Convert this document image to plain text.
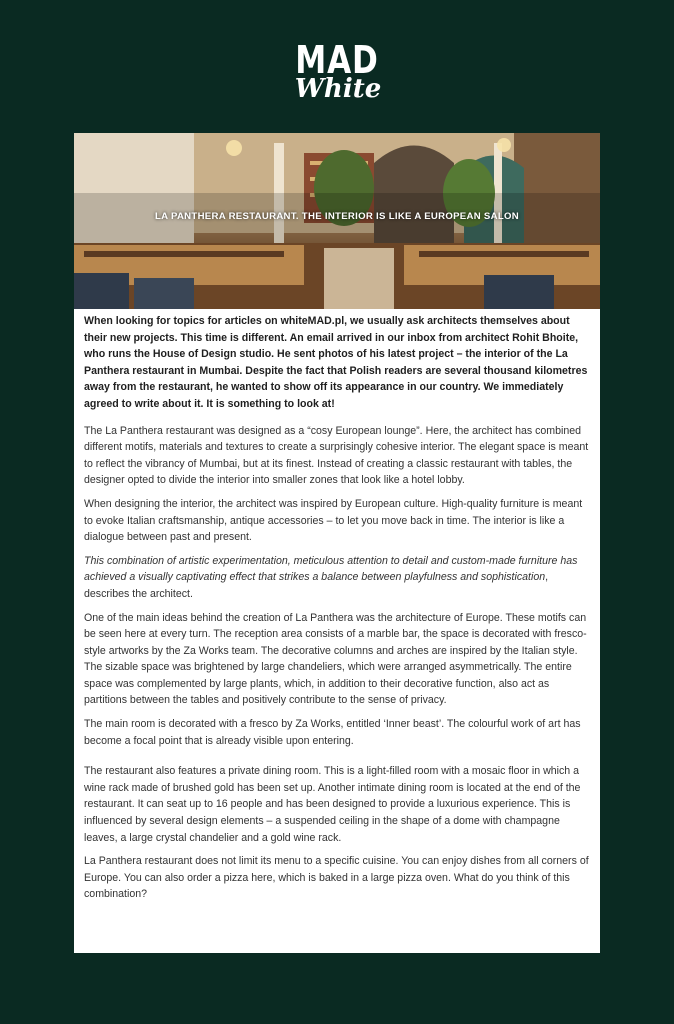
MAD
White
LA PANTHERA RESTAURANT. THE INTERIOR IS LIKE A EUROPEAN SALON

When looking for topics for articles on whiteMAD.pl, we usually ask architects themselves about their new projects. This time is different. An email arrived in our inbox from architect Rohit Bhoite, who runs the House of Design studio. He sent photos of his latest project – the interior of the La Panthera restaurant in Mumbai. Despite the fact that Polish readers are several thousand kilometres away from the restaurant, he wanted to show off its appearance in our country. We immediately agreed to write about it. It is something to look at!

The La Panthera restaurant was designed as a “cosy European lounge”. Here, the architect has combined different motifs, materials and textures to create a surprisingly cohesive interior. The elegant space is meant to reflect the vibrancy of Mumbai, but at its finest. Instead of creating a classic restaurant with tables, the designer opted to divide the interior into smaller zones that look like a hotel lobby.

When designing the interior, the architect was inspired by European culture. High-quality furniture is meant to evoke Italian craftsmanship, antique accessories – to let you move back in time. The interior is like a dialogue between past and present.

This combination of artistic experimentation, meticulous attention to detail and custom-made furniture has achieved a visually captivating effect that strikes a balance between playfulness and sophistication, describes the architect.

One of the main ideas behind the creation of La Panthera was the architecture of Europe. These motifs can be seen here at every turn. The reception area consists of a marble bar, the space is decorated with fresco-style artworks by the Za Works team. The decorative columns and arches are inspired by the Italian style. The sizable space was brightened by large chandeliers, which were arranged asymmetrically. The entire space was complemented by large plants, which, in addition to their decorative function, also act as partitions between the tables and positively contribute to the sense of privacy.

The main room is decorated with a fresco by Za Works, entitled ‘Inner beast’. The colourful work of art has become a focal point that is already visible upon entering.

The restaurant also features a private dining room. This is a light-filled room with a mosaic floor in which a wine rack made of brushed gold has been set up. Another intimate dining room is located at the end of the restaurant. It can seat up to 16 people and has been designed to provide a luxurious experience. This is influenced by several design elements – a suspended ceiling in the shape of a dome with champagne leaves, a large crystal chandelier and a gold wine rack.

La Panthera restaurant does not limit its menu to a specific cuisine. You can enjoy dishes from all corners of Europe. You can also order a pizza here, which is baked in a large pizza oven. What do you think of this combination?
